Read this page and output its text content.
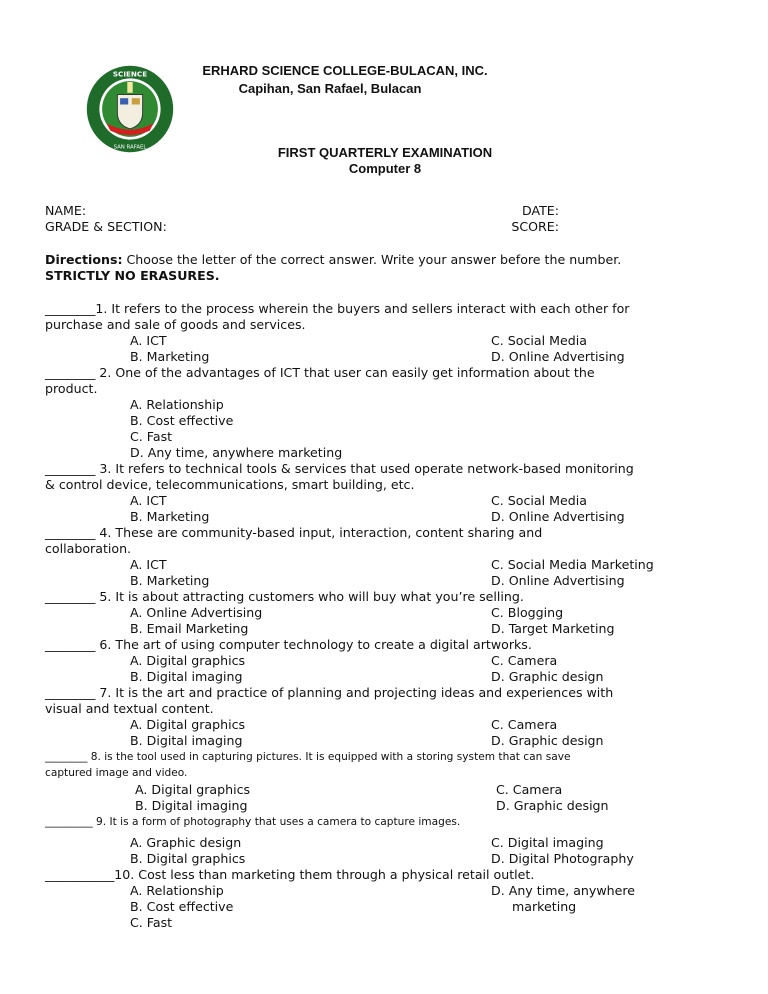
SCIENCE
SAN RAFAEL
ERHARD SCIENCE COLLEGE-BULACAN, INC.
Capihan, San Rafael, Bulacan
FIRST QUARTERLY EXAMINATION
Computer 8
NAME:
GRADE & SECTION:
DATE:
SCORE:
Directions: Choose the letter of the correct answer. Write your answer before the number.
STRICTLY NO ERASURES.
________1. It refers to the process wherein the buyers and sellers interact with each other for
purchase and sale of goods and services.
A. ICT
B. Marketing
C. Social Media
D. Online Advertising
________ 2. One of the advantages of ICT that user can easily get information about the
product.
A. Relationship
B. Cost effective
C. Fast
D. Any time, anywhere marketing
________ 3. It refers to technical tools & services that used operate network-based monitoring
& control device, telecommunications, smart building, etc.
A. ICT
B. Marketing
C. Social Media
D. Online Advertising
________ 4. These are community-based input, interaction, content sharing and
collaboration.
A. ICT
B. Marketing
C. Social Media Marketing
D. Online Advertising
________ 5. It is about attracting customers who will buy what you’re selling.
A. Online Advertising
B. Email Marketing
C. Blogging
D. Target Marketing
________ 6. The art of using computer technology to create a digital artworks.
A. Digital graphics
B. Digital imaging
C. Camera
D. Graphic design
________ 7. It is the art and practice of planning and projecting ideas and experiences with
visual and textual content.
A. Digital graphics
B. Digital imaging
C. Camera
D. Graphic design
________ 8. is the tool used in capturing pictures. It is equipped with a storing system that can save
captured image and video.
A. Digital graphics
B. Digital imaging
C. Camera
D. Graphic design
_________ 9. It is a form of photography that uses a camera to capture images.
A. Graphic design
B. Digital graphics
C. Digital imaging
D. Digital Photography
___________10. Cost less than marketing them through a physical retail outlet.
A. Relationship
B. Cost effective
C. Fast
D. Any time, anywhere
marketing
